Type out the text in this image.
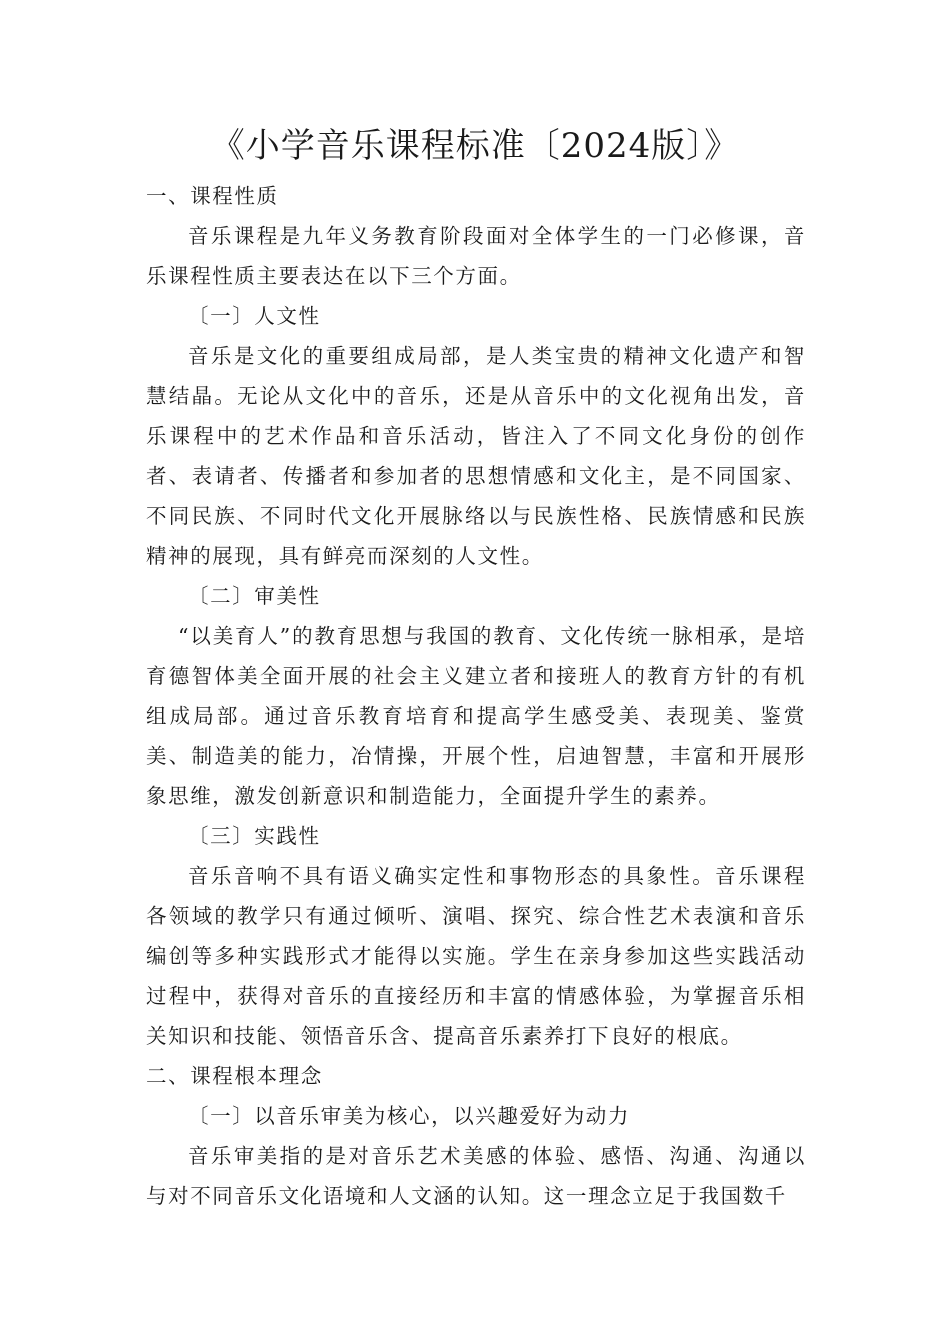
《小学音乐课程标准〔2024版〕》

一、课程性质

音乐课程是九年义务教育阶段面对全体学生的一门必修课，音乐课程性质主要表达在以下三个方面。

〔一〕人文性

音乐是文化的重要组成局部，是人类宝贵的精神文化遗产和智慧结晶。无论从文化中的音乐，还是从音乐中的文化视角出发，音乐课程中的艺术作品和音乐活动，皆注入了不同文化身份的创作者、表请者、传播者和参加者的思想情感和文化主，是不同国家、不同民族、不同时代文化开展脉络以与民族性格、民族情感和民族精神的展现，具有鲜亮而深刻的人文性。

〔二〕审美性

“以美育人”的教育思想与我国的教育、文化传统一脉相承，是培育德智体美全面开展的社会主义建立者和接班人的教育方针的有机组成局部。通过音乐教育培育和提高学生感受美、表现美、鉴赏美、制造美的能力，冶情操，开展个性，启迪智慧，丰富和开展形象思维，激发创新意识和制造能力，全面提升学生的素养。

〔三〕实践性

音乐音响不具有语义确实定性和事物形态的具象性。音乐课程各领域的教学只有通过倾听、演唱、探究、综合性艺术表演和音乐编创等多种实践形式才能得以实施。学生在亲身参加这些实践活动过程中，获得对音乐的直接经历和丰富的情感体验，为掌握音乐相关知识和技能、领悟音乐含、提高音乐素养打下良好的根底。

二、课程根本理念

〔一〕以音乐审美为核心，以兴趣爱好为动力

音乐审美指的是对音乐艺术美感的体验、感悟、沟通、沟通以与对不同音乐文化语境和人文涵的认知。这一理念立足于我国数千
